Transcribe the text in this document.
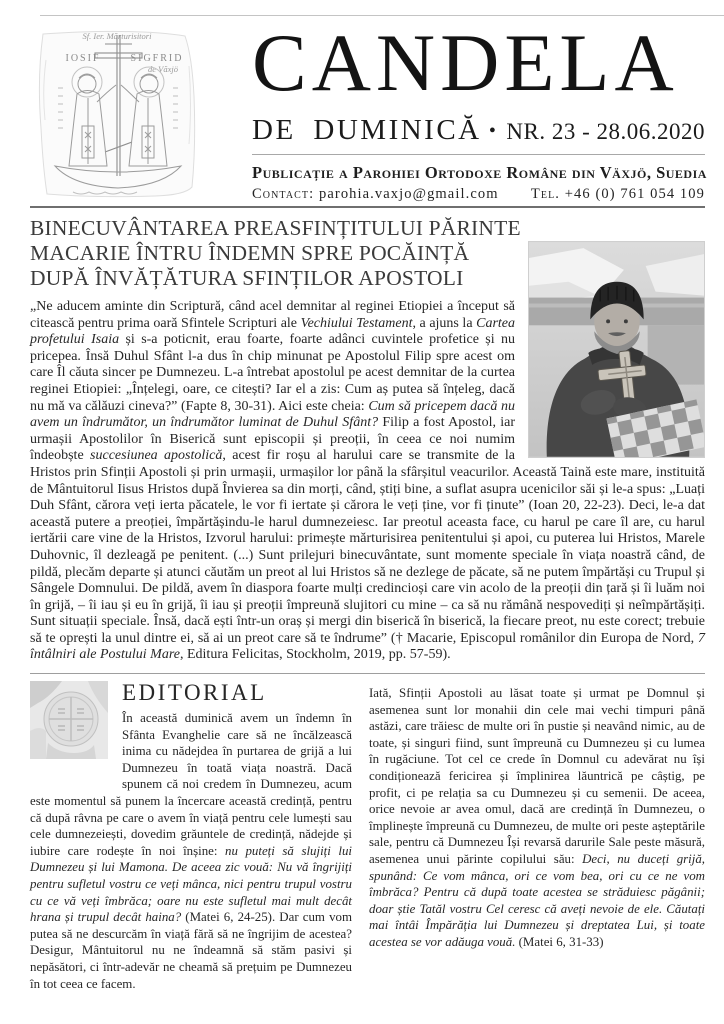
Sf. Ier. Mărturisitori
IOSIF	SIGFRID
de Văxjö CANDELA
DE DUMINICĂ • NR. 23 - 28.06.2020
Publicație a Parohiei Ortodoxe Române din Växjö, Suedia
Contact: parohia.vaxjo@gmail.com Tel. +46 (0) 761 054 109
BINECUVÂNTAREA PREASFINȚITULUI PĂRINTE
MACARIE ÎNTRU ÎNDEMN SPRE POCĂINȚĂ
DUPĂ ÎNVĂȚĂTURA SFINȚILOR APOSTOLI

„Ne aducem aminte din Scriptură, când acel demnitar al reginei Etiopiei a început să citească pentru prima oară Sfintele Scripturi ale Vechiului Testament, a ajuns la Cartea profetului Isaia și s-a poticnit, erau foarte, foarte adânci cuvintele profetice și nu pricepea. Însă Duhul Sfânt l-a dus în chip minunat pe Apostolul Filip spre acest om care Îl căuta sincer pe Dumnezeu. L-a întrebat apostolul pe acest demnitar de la curtea reginei Etiopiei: „Înțelegi, oare, ce citești? Iar el a zis: Cum aș putea să înțeleg, dacă nu mă va călăuzi cineva?” (Fapte 8, 30-31). Aici este cheia: Cum să pricepem dacă nu avem un îndrumător, un îndrumător luminat de Duhul Sfânt? Filip a fost Apostol, iar urmașii Apostolilor în Biserică sunt episcopii și preoții, în ceea ce noi numim îndeobște succesiunea apostolică, acest fir roșu al harului care se transmite de la Hristos prin Sfinții Apostoli și prin urmașii, urmașilor lor până la sfârșitul veacurilor. Această Taină este mare, instituită de Mântuitorul Iisus Hristos după Învierea sa din morți, când, știți bine, a suflat asupra ucenicilor săi și le-a spus: „Luați Duh Sfânt, cărora veți ierta păcatele, le vor fi iertate și cărora le veți ține, vor fi ținute” (Ioan 20, 22-23). Deci, le-a dat această putere a preoției, împărtășindu-le harul dumnezeiesc. Iar preotul aceasta face, cu harul pe care îl are, cu harul iertării care vine de la Hristos, Izvorul harului: primește mărturisirea penitentului și apoi, cu puterea lui Hristos, Marele Duhovnic, îl dezleagă pe penitent. (...) Sunt prilejuri binecuvântate, sunt momente speciale în viața noastră când, de pildă, plecăm departe și atunci căutăm un preot al lui Hristos să ne dezlege de păcate, să ne putem împărtăși cu Trupul și Sângele Domnului. De pildă, avem în diaspora foarte mulți credincioși care vin acolo de la preoții din țară și îi luăm noi în grijă, – îi iau și eu în grijă, îi iau și preoții împreună slujitori cu mine – ca să nu rămână nespovediți și neîmpărtășiți. Sunt situații speciale. Însă, dacă ești într-un oraș și mergi din biserică în biserică, la fiecare preot, nu este corect; trebuie să te oprești la unul dintre ei, să ai un preot care să te îndrume” († Macarie, Episcopul românilor din Europa de Nord, 7 întâlniri ale Postului Mare, Editura Felicitas, Stockholm, 2019, pp. 57-59).

EDITORIAL

În această duminică avem un îndemn în Sfânta Evanghelie care să ne încălzească inima cu nădejdea în purtarea de grijă a lui Dumnezeu în toată viața noastră. Dacă spunem că noi credem în Dumnezeu, acum este momentul să punem la încercare această credință, pentru că după râvna pe care o avem în viață pentru cele lumești sau cele dumnezeiești, dovedim grăuntele de credință, nădejde și iubire care rodește în noi înșine: nu puteți să slujiți lui Dumnezeu și lui Mamona. De aceea zic vouă: Nu vă îngrijiți pentru sufletul vostru ce veți mânca, nici pentru trupul vostru cu ce vă veți îmbrăca; oare nu este sufletul mai mult decât hrana și trupul decât haina? (Matei 6, 24-25). Dar cum vom putea să ne descurcăm în viață fără să ne îngrijim de acestea? Desigur, Mântuitorul nu ne îndeamnă să stăm pasivi și nepăsători, ci într-adevăr ne cheamă să prețuim pe Dumnezeu în tot ceea ce facem.

Iată, Sfinții Apostoli au lăsat toate și urmat pe Domnul și asemenea sunt lor monahii din cele mai vechi timpuri până astăzi, care trăiesc de multe ori în pustie și neavând nimic, au de toate, și singuri fiind, sunt împreună cu Dumnezeu și cu lumea în rugăciune. Tot cel ce crede în Domnul cu adevărat nu își condiționează fericirea și împlinirea lăuntrică pe câștig, pe profit, ci pe relația sa cu Dumnezeu și cu semenii. De aceea, orice nevoie ar avea omul, dacă are credință în Dumnezeu, o împlinește împreună cu Dumnezeu, de multe ori peste așteptările sale, pentru că Dumnezeu Își revarsă darurile Sale peste măsură, asemenea unui părinte copilului său: Deci, nu duceți grijă, spunând: Ce vom mânca, ori ce vom bea, ori cu ce ne vom îmbrăca? Pentru că după toate acestea se străduiesc păgânii; doar știe Tatăl vostru Cel ceresc că aveți nevoie de ele. Căutați mai întâi Împărăția lui Dumnezeu și dreptatea Lui, și toate acestea se vor adăuga vouă. (Matei 6, 31-33)
